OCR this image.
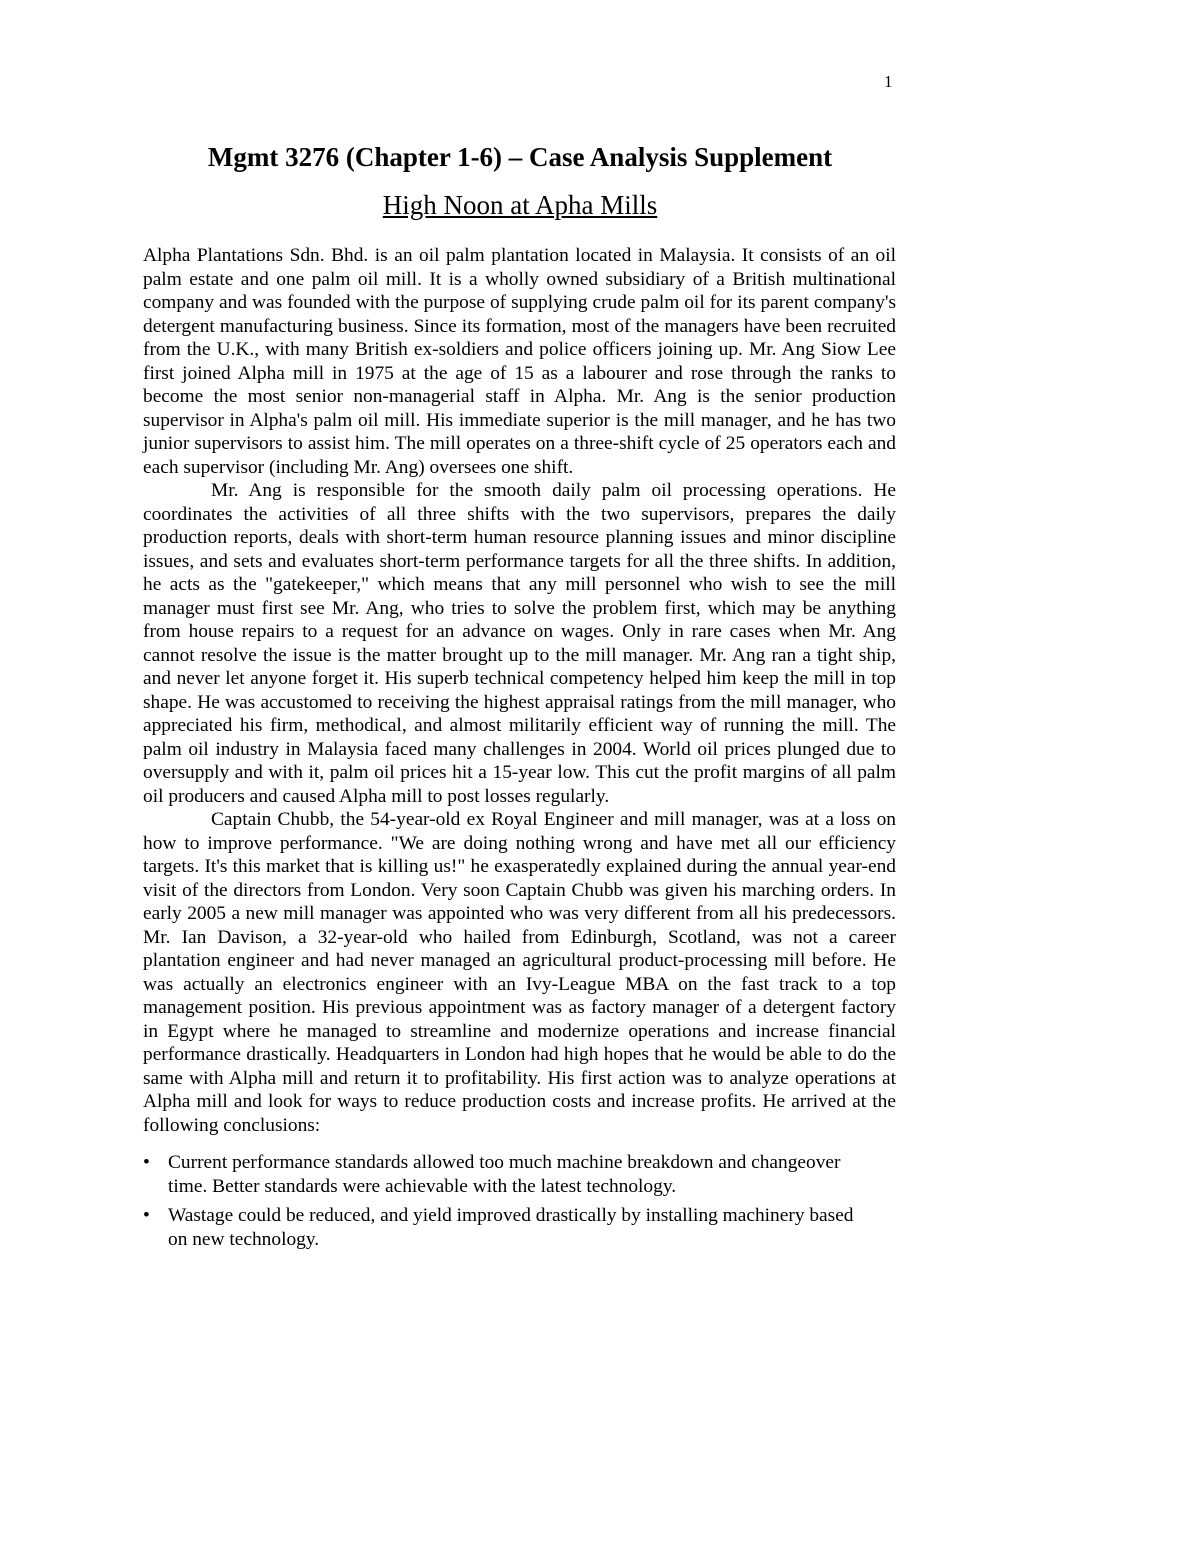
1
Mgmt 3276 (Chapter 1-6) – Case Analysis Supplement
High Noon at Apha Mills

Alpha Plantations Sdn. Bhd. is an oil palm plantation located in Malaysia. It consists of an oil palm estate and one palm oil mill. It is a wholly owned subsidiary of a British multinational company and was founded with the purpose of supplying crude palm oil for its parent company's detergent manufacturing business. Since its formation, most of the managers have been recruited from the U.K., with many British ex-soldiers and police officers joining up. Mr. Ang Siow Lee first joined Alpha mill in 1975 at the age of 15 as a labourer and rose through the ranks to become the most senior non-managerial staff in Alpha. Mr. Ang is the senior production supervisor in Alpha's palm oil mill. His immediate superior is the mill manager, and he has two junior supervisors to assist him. The mill operates on a three-shift cycle of 25 operators each and each supervisor (including Mr. Ang) oversees one shift.

Mr. Ang is responsible for the smooth daily palm oil processing operations. He coordinates the activities of all three shifts with the two supervisors, prepares the daily production reports, deals with short-term human resource planning issues and minor discipline issues, and sets and evaluates short-term performance targets for all the three shifts. In addition, he acts as the "gatekeeper," which means that any mill personnel who wish to see the mill manager must first see Mr. Ang, who tries to solve the problem first, which may be anything from house repairs to a request for an advance on wages. Only in rare cases when Mr. Ang cannot resolve the issue is the matter brought up to the mill manager. Mr. Ang ran a tight ship, and never let anyone forget it. His superb technical competency helped him keep the mill in top shape. He was accustomed to receiving the highest appraisal ratings from the mill manager, who appreciated his firm, methodical, and almost militarily efficient way of running the mill. The palm oil industry in Malaysia faced many challenges in 2004. World oil prices plunged due to oversupply and with it, palm oil prices hit a 15-year low. This cut the profit margins of all palm oil producers and caused Alpha mill to post losses regularly.

Captain Chubb, the 54-year-old ex Royal Engineer and mill manager, was at a loss on how to improve performance. "We are doing nothing wrong and have met all our efficiency targets. It's this market that is killing us!" he exasperatedly explained during the annual year-end visit of the directors from London. Very soon Captain Chubb was given his marching orders. In early 2005 a new mill manager was appointed who was very different from all his predecessors. Mr. Ian Davison, a 32-year-old who hailed from Edinburgh, Scotland, was not a career plantation engineer and had never managed an agricultural product-processing mill before. He was actually an electronics engineer with an Ivy-League MBA on the fast track to a top management position. His previous appointment was as factory manager of a detergent factory in Egypt where he managed to streamline and modernize operations and increase financial performance drastically. Headquarters in London had high hopes that he would be able to do the same with Alpha mill and return it to profitability. His first action was to analyze operations at Alpha mill and look for ways to reduce production costs and increase profits. He arrived at the following conclusions:

• Current performance standards allowed too much machine breakdown and changeover time. Better standards were achievable with the latest technology.
• Wastage could be reduced, and yield improved drastically by installing machinery based on new technology.
